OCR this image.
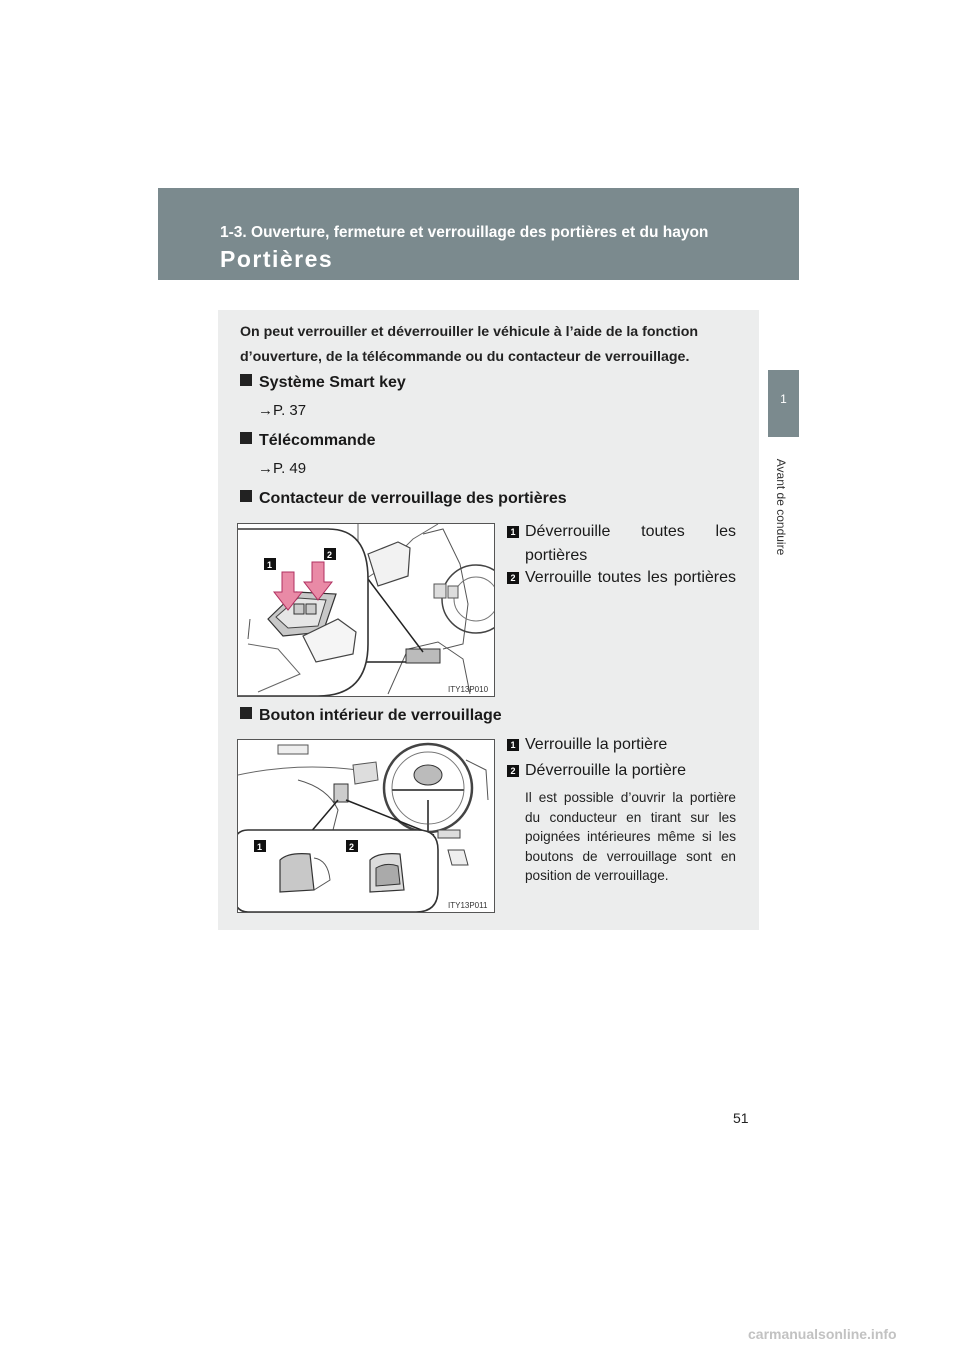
1-3. Ouverture, fermeture et verrouillage des portières et du hayon
Portières
1
Avant de conduire
On peut verrouiller et déverrouiller le véhicule à l’aide de la fonction d’ouverture, de la télécommande ou du contacteur de verrouillage.
Système Smart key
→P. 37
Télécommande
→P. 49
Contacteur de verrouillage des portières
1
2
ITY13P010
1 Déverrouille toutes les portières
2 Verrouille toutes les portières
Bouton intérieur de verrouillage
1	2
ITY13P011
1 Verrouille la portière
2 Déverrouille la portière
Il est possible d’ouvrir la portière du conducteur en tirant sur les poignées intérieures même si les boutons de verrouillage sont en position de verrouillage.
51
carmanualsonline.info
